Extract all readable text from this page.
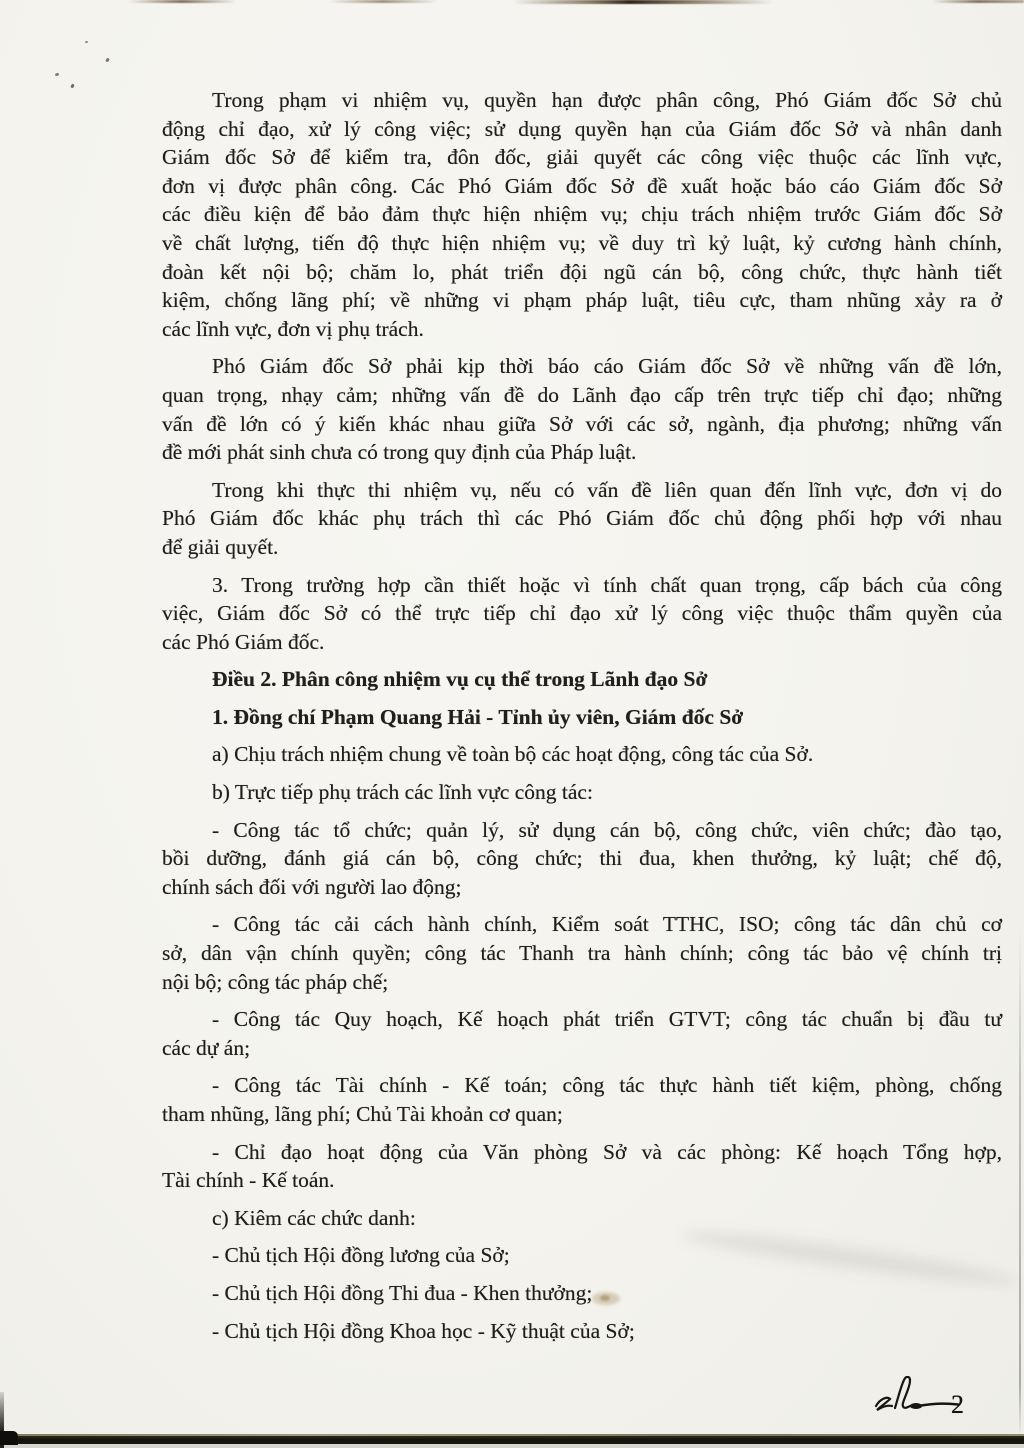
Trong phạm vi nhiệm vụ, quyền hạn được phân công, Phó Giám đốc Sở chủ
động chỉ đạo, xử lý công việc; sử dụng quyền hạn của Giám đốc Sở và nhân danh
Giám đốc Sở để kiểm tra, đôn đốc, giải quyết các công việc thuộc các lĩnh vực,
đơn vị được phân công. Các Phó Giám đốc Sở đề xuất hoặc báo cáo Giám đốc Sở
các điều kiện để bảo đảm thực hiện nhiệm vụ; chịu trách nhiệm trước Giám đốc Sở
về chất lượng, tiến độ thực hiện nhiệm vụ; về duy trì kỷ luật, kỷ cương hành chính,
đoàn kết nội bộ; chăm lo, phát triển đội ngũ cán bộ, công chức, thực hành tiết
kiệm, chống lãng phí; về những vi phạm pháp luật, tiêu cực, tham nhũng xảy ra ở
các lĩnh vực, đơn vị phụ trách.

Phó Giám đốc Sở phải kịp thời báo cáo Giám đốc Sở về những vấn đề lớn,
quan trọng, nhạy cảm; những vấn đề do Lãnh đạo cấp trên trực tiếp chỉ đạo; những
vấn đề lớn có ý kiến khác nhau giữa Sở với các sở, ngành, địa phương; những vấn
đề mới phát sinh chưa có trong quy định của Pháp luật.

Trong khi thực thi nhiệm vụ, nếu có vấn đề liên quan đến lĩnh vực, đơn vị do
Phó Giám đốc khác phụ trách thì các Phó Giám đốc chủ động phối hợp với nhau
để giải quyết.

3. Trong trường hợp cần thiết hoặc vì tính chất quan trọng, cấp bách của công
việc, Giám đốc Sở có thể trực tiếp chỉ đạo xử lý công việc thuộc thẩm quyền của
các Phó Giám đốc.

Điều 2. Phân công nhiệm vụ cụ thể trong Lãnh đạo Sở

1. Đồng chí Phạm Quang Hải - Tỉnh ủy viên, Giám đốc Sở

a) Chịu trách nhiệm chung về toàn bộ các hoạt động, công tác của Sở.

b) Trực tiếp phụ trách các lĩnh vực công tác:

- Công tác tổ chức; quản lý, sử dụng cán bộ, công chức, viên chức; đào tạo,
bồi dưỡng, đánh giá cán bộ, công chức; thi đua, khen thưởng, kỷ luật; chế độ,
chính sách đối với người lao động;

- Công tác cải cách hành chính, Kiểm soát TTHC, ISO; công tác dân chủ cơ
sở, dân vận chính quyền; công tác Thanh tra hành chính; công tác bảo vệ chính trị
nội bộ; công tác pháp chế;

- Công tác Quy hoạch, Kế hoạch phát triển GTVT; công tác chuẩn bị đầu tư
các dự án;

- Công tác Tài chính - Kế toán; công tác thực hành tiết kiệm, phòng, chống
tham nhũng, lãng phí; Chủ Tài khoản cơ quan;

- Chỉ đạo hoạt động của Văn phòng Sở và các phòng: Kế hoạch Tổng hợp,
Tài chính - Kế toán.

c) Kiêm các chức danh:

- Chủ tịch Hội đồng lương của Sở;

- Chủ tịch Hội đồng Thi đua - Khen thưởng;

- Chủ tịch Hội đồng Khoa học - Kỹ thuật của Sở;

2
